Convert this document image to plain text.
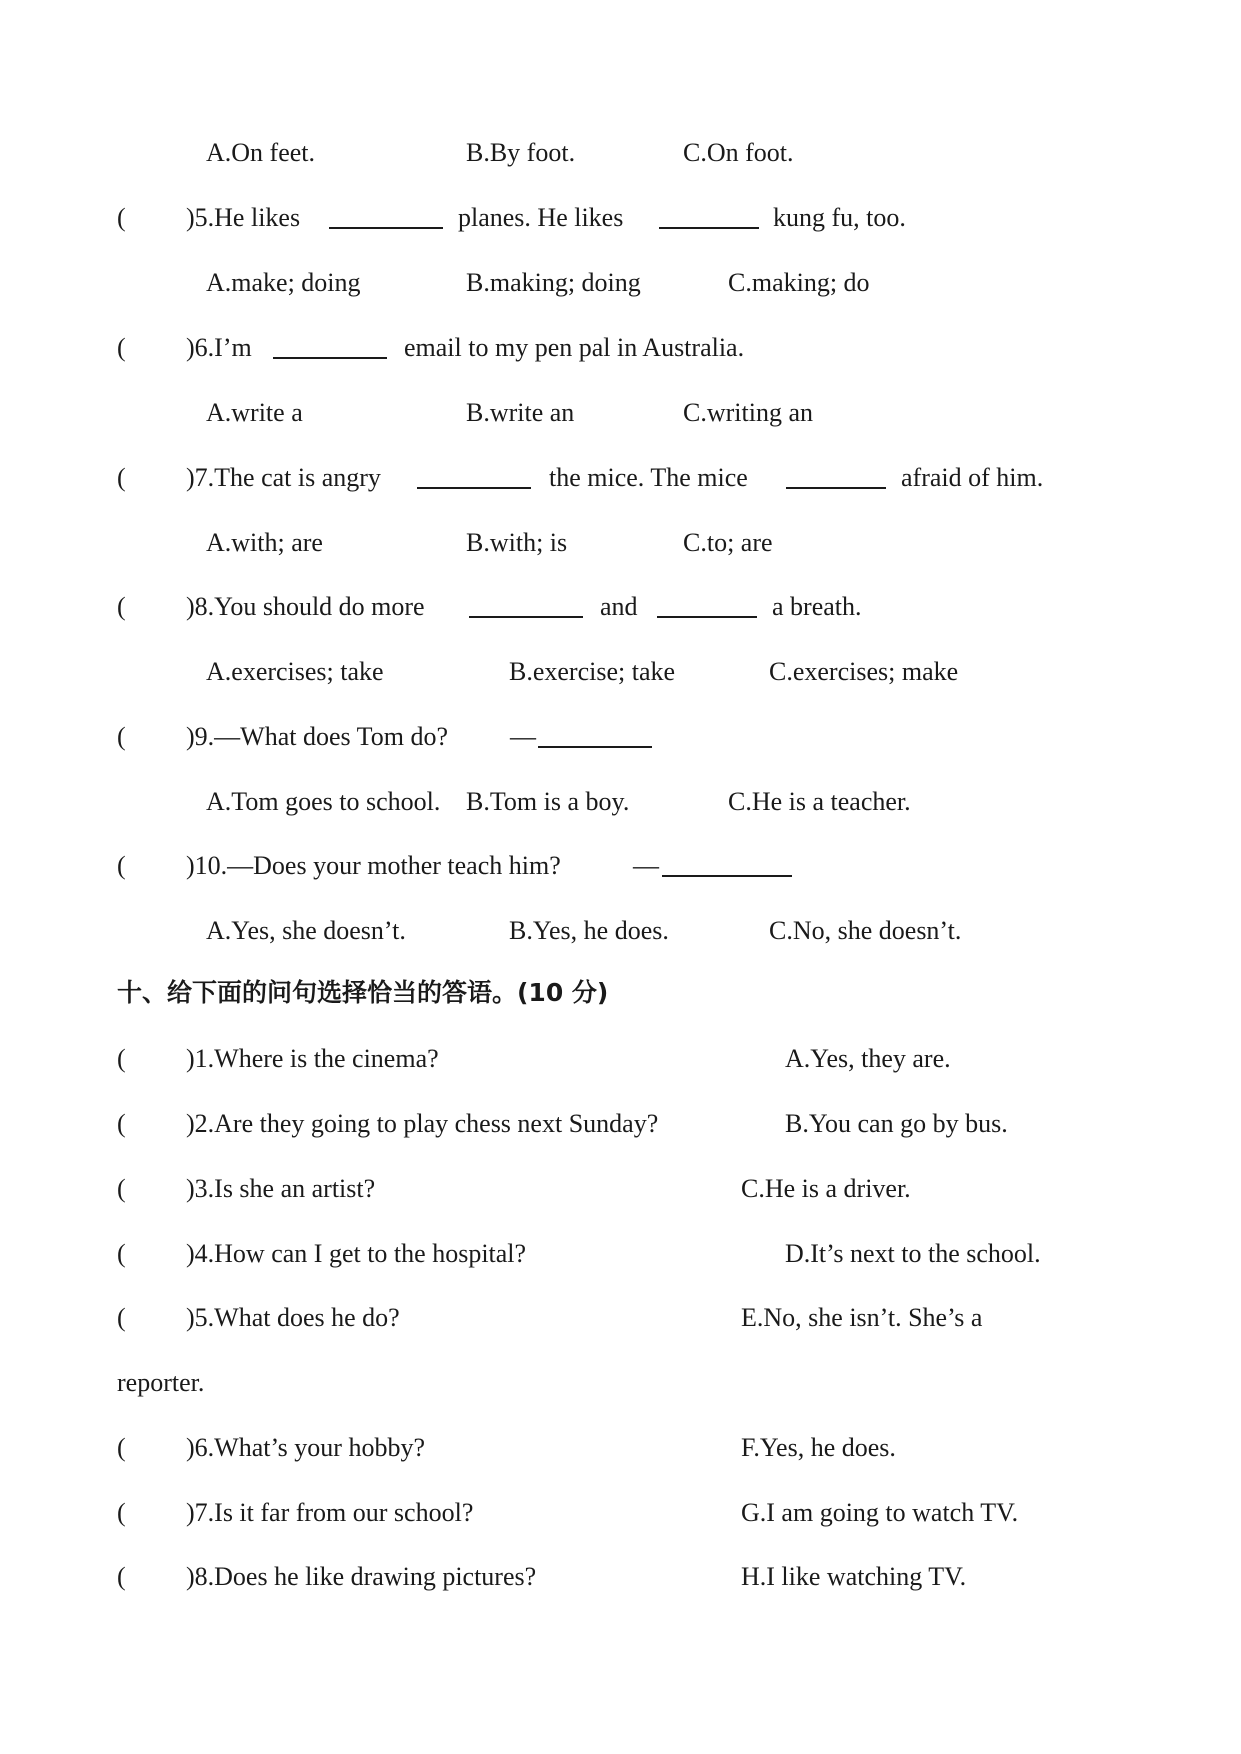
A.On feet.	B.By foot.	C.On foot.
( )5.He likes	planes. He likes	kung fu, too.
A.make; doing	B.making; doing	C.making; do
( )6.I’m	email to my pen pal in Australia.
A.write a	B.write an	C.writing an
( )7.The cat is angry	the mice. The mice	afraid of him.
A.with; are	B.with; is	C.to; are
( )8.You should do more	and	a breath.
A.exercises; take	B.exercise; take	C.exercises; make
( )9.—What does Tom do? —
A.Tom goes to school. B.Tom is a boy.	C.He is a teacher.
( )10.—Does your mother teach him?	—
A.Yes, she doesn’t.	B.Yes, he does.	C.No, she doesn’t.
十、给下面的问句选择恰当的答语。(10 分)
( )1.Where is the cinema?	A.Yes, they are.
( )2.Are they going to play chess next Sunday?	B.You can go by bus.
( )3.Is she an artist?	C.He is a driver.
( )4.How can I get to the hospital?	D.It’s next to the school.
( )5.What does he do?	E.No, she isn’t. She’s a
reporter.
( )6.What’s your hobby?	F.Yes, he does.
( )7.Is it far from our school?	G.I am going to watch TV.
( )8.Does he like drawing pictures?	H.I like watching TV.
